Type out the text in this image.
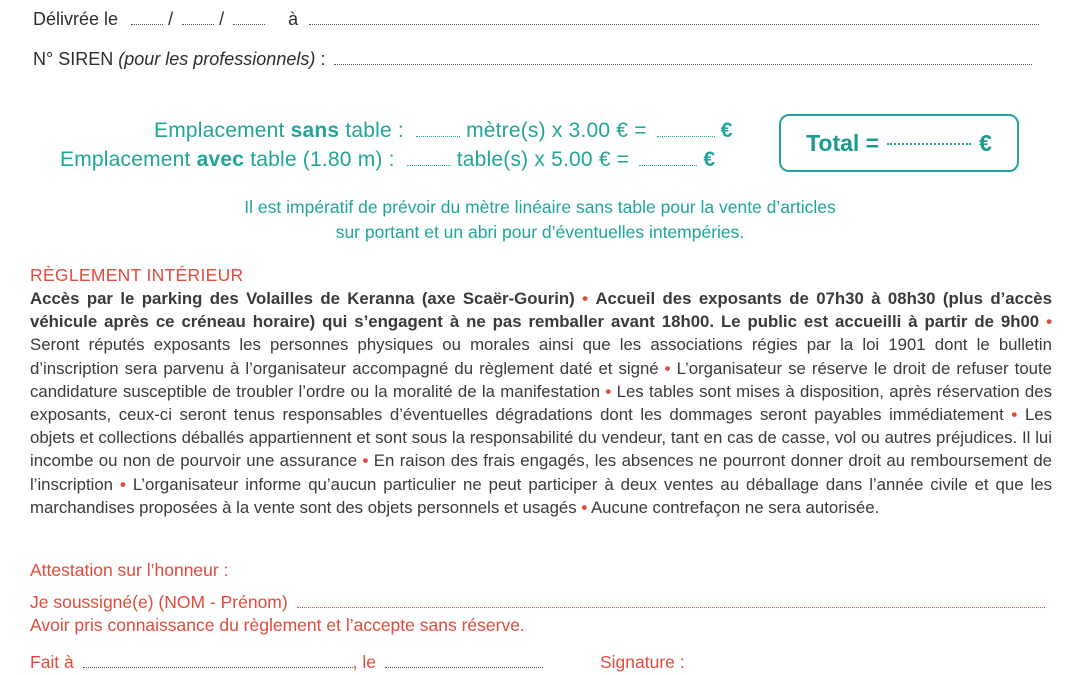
Délivrée le	/	/	à
N° SIREN (pour les professionnels) :
Emplacement sans table :	mètre(s) x 3.00 € =	€
Emplacement avec table (1.80 m) :	table(s) x 5.00 € =	€
Total =	€
Il est impératif de prévoir du mètre linéaire sans table pour la vente d’articles
sur portant et un abri pour d’éventuelles intempéries.
RÈGLEMENT INTÉRIEUR
Accès par le parking des Volailles de Keranna (axe Scaër-Gourin) • Accueil des exposants de 07h30 à 08h30 (plus d’accès véhicule après ce créneau horaire) qui s’engagent à ne pas remballer avant 18h00. Le public est accueilli à partir de 9h00 • Seront réputés exposants les personnes physiques ou morales ainsi que les associations régies par la loi 1901 dont le bulletin d’inscription sera parvenu à l’organisateur accompagné du règlement daté et signé • L’organisateur se réserve le droit de refuser toute candidature susceptible de troubler l’ordre ou la moralité de la manifestation • Les tables sont mises à disposition, après réservation des exposants, ceux-ci seront tenus responsables d’éventuelles dégradations dont les dommages seront payables immédiatement • Les objets et collections déballés appartiennent et sont sous la responsabilité du vendeur, tant en cas de casse, vol ou autres préjudices. Il lui incombe ou non de pourvoir une assurance • En raison des frais engagés, les absences ne pourront donner droit au remboursement de l’inscription • L’organisateur informe qu’aucun particulier ne peut participer à deux ventes au déballage dans l’année civile et que les marchandises proposées à la vente sont des objets personnels et usagés • Aucune contrefaçon ne sera autorisée.
Attestation sur l’honneur :
Je soussigné(e) (NOM - Prénom)
Avoir pris connaissance du règlement et l’accepte sans réserve.
Fait à	, le	Signature :
